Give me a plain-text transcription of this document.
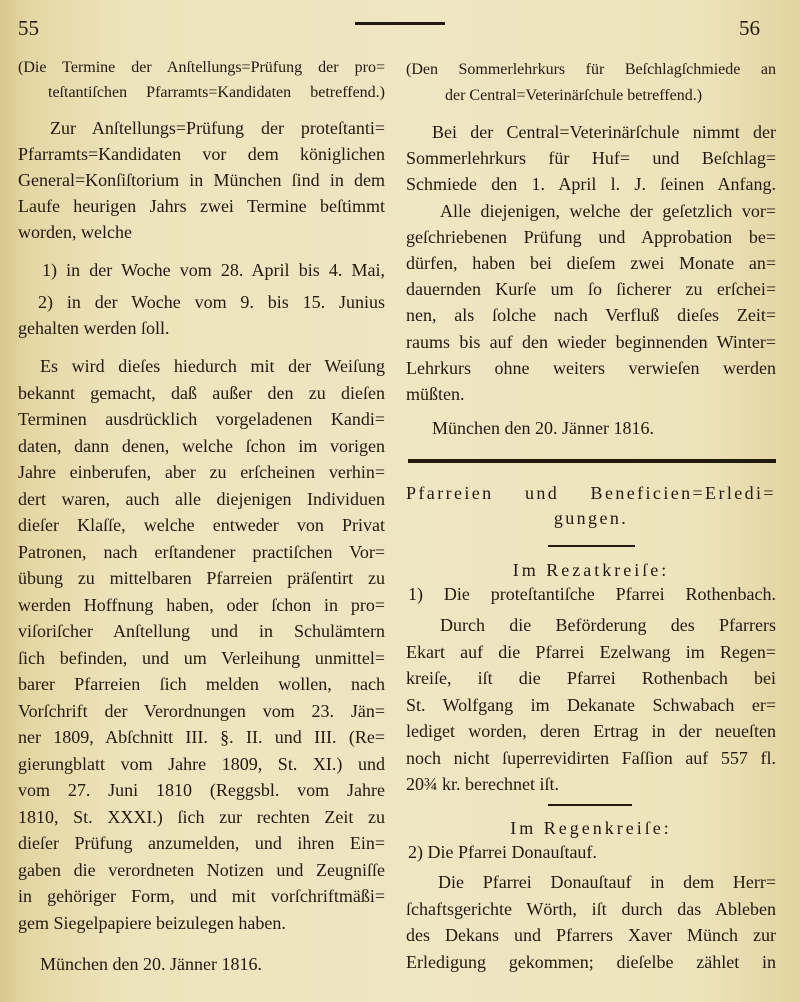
55	56
(Die Termine der Anſtellungs=Prüfung der pro=
teſtantiſchen Pfarramts=Kandidaten betreffend.)
Zur Anſtellungs=Prüfung der proteſtanti=
Pfarramts=Kandidaten vor dem königlichen
General=Konſiſtorium in München ſind in dem
Laufe heurigen Jahrs zwei Termine beſtimmt
worden, welche
1) in der Woche vom 28. April bis 4. Mai,
2) in der Woche vom 9. bis 15. Junius
gehalten werden ſoll.
Es wird dieſes hiedurch mit der Weiſung
bekannt gemacht, daß außer den zu dieſen
Terminen ausdrücklich vorgeladenen Kandi=
daten, dann denen, welche ſchon im vorigen
Jahre einberufen, aber zu erſcheinen verhin=
dert waren, auch alle diejenigen Individuen
dieſer Klaſſe, welche entweder von Privat
Patronen, nach erſtandener practiſchen Vor=
übung zu mittelbaren Pfarreien präſentirt zu
werden Hoffnung haben, oder ſchon in pro=
viſoriſcher Anſtellung und in Schulämtern
ſich befinden, und um Verleihung unmittel=
barer Pfarreien ſich melden wollen, nach
Vorſchrift der Verordnungen vom 23. Jän=
ner 1809, Abſchnitt III. §. II. und III. (Re=
gierungblatt vom Jahre 1809, St. XI.) und
vom 27. Juni 1810 (Reggsbl. vom Jahre
1810, St. XXXI.) ſich zur rechten Zeit zu
dieſer Prüfung anzumelden, und ihren Ein=
gaben die verordneten Notizen und Zeugniſſe
in gehöriger Form, und mit vorſchriftmäßi=
gem Siegelpapiere beizulegen haben.
München den 20. Jänner 1816.
(Den Sommerlehrkurs für Beſchlagſchmiede an
der Central=Veterinärſchule betreffend.)
Bei der Central=Veterinärſchule nimmt der
Sommerlehrkurs für Huf= und Beſchlag=
Schmiede den 1. April l. J. ſeinen Anfang.
Alle diejenigen, welche der geſetzlich vor=
geſchriebenen Prüfung und Approbation be=
dürfen, haben bei dieſem zwei Monate an=
dauernden Kurſe um ſo ſicherer zu erſchei=
nen, als ſolche nach Verfluß dieſes Zeit=
raums bis auf den wieder beginnenden Winter=
Lehrkurs ohne weiters verwieſen werden
müßten.
München den 20. Jänner 1816.
Pfarreien und Beneficien=Erledi=
gungen.
Im Rezatkreiſe:
1) Die proteſtantiſche Pfarrei Rothenbach.
Durch die Beförderung des Pfarrers
Ekart auf die Pfarrei Ezelwang im Regen=
kreiſe, iſt die Pfarrei Rothenbach bei
St. Wolfgang im Dekanate Schwabach er=
lediget worden, deren Ertrag in der neueſten
noch nicht ſuperrevidirten Faſſion auf 557 fl.
20¾ kr. berechnet iſt.
Im Regenkreiſe:
2) Die Pfarrei Donauſtauf.
Die Pfarrei Donauſtauf in dem Herr=
ſchaftsgerichte Wörth, iſt durch das Ableben
des Dekans und Pfarrers Xaver Münch zur
Erledigung gekommen; dieſelbe zählet in
